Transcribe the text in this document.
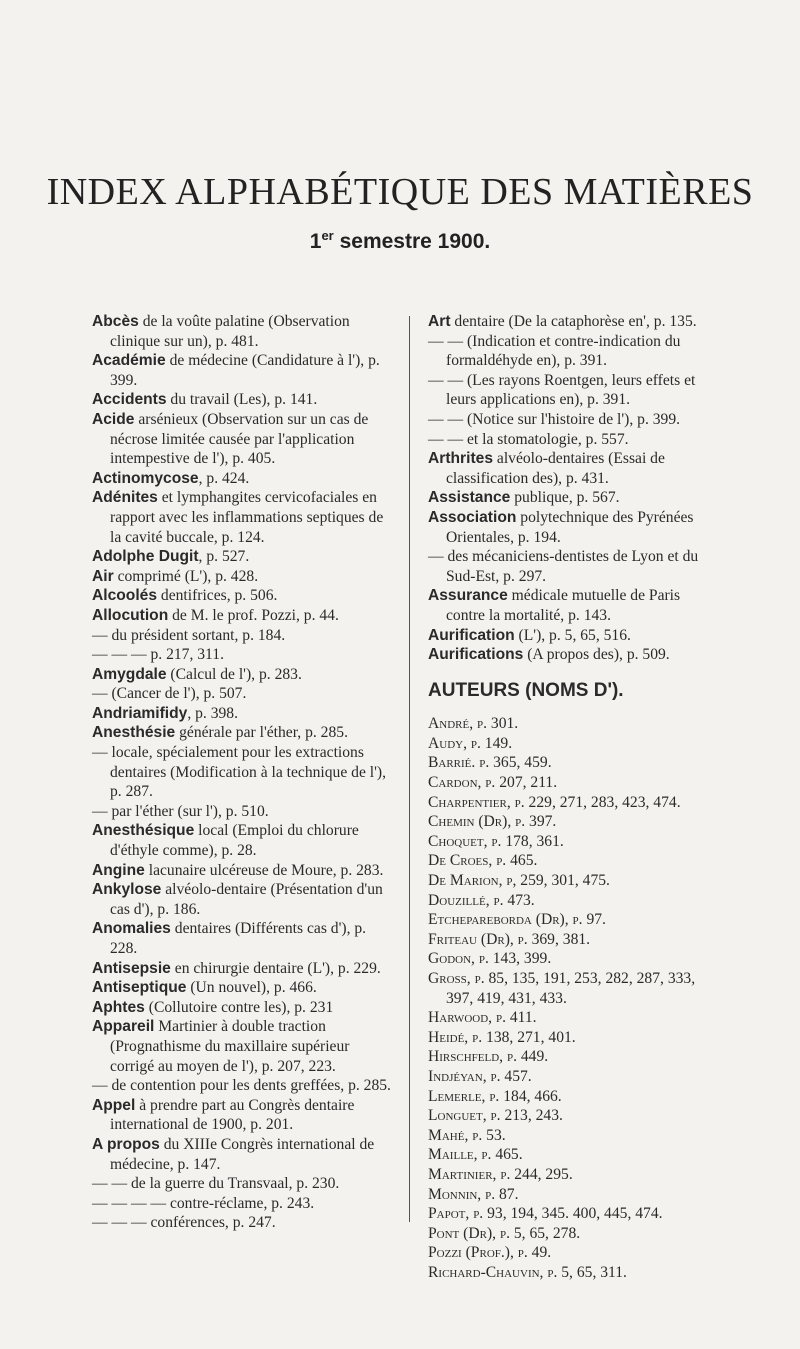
INDEX ALPHABÉTIQUE DES MATIÈRES
1er semestre 1900.
Abcès de la voûte palatine (Observation clinique sur un), p. 481.
Académie de médecine (Candidature à l'), p. 399.
Accidents du travail (Les), p. 141.
Acide arsénieux (Observation sur un cas de nécrose limitée causée par l'application intempestive de l'), p. 405.
Actinomycose, p. 424.
Adénites et lymphangites cervicofaciales en rapport avec les inflammations septiques de la cavité buccale, p. 124.
Adolphe Dugit, p. 527.
Air comprimé (L'), p. 428.
Alcoolés dentifrices, p. 506.
Allocution de M. le prof. Pozzi, p. 44.
— du président sortant, p. 184.
— — — p. 217, 311.
Amygdale (Calcul de l'), p. 283.
— (Cancer de l'), p. 507.
Andriamifidy, p. 398.
Anesthésie générale par l'éther, p. 285.
— locale, spécialement pour les extractions dentaires (Modification à la technique de l'), p. 287.
— par l'éther (sur l'), p. 510.
Anesthésique local (Emploi du chlorure d'éthyle comme), p. 28.
Angine lacunaire ulcéreuse de Moure, p. 283.
Ankylose alvéolo-dentaire (Présentation d'un cas d'), p. 186.
Anomalies dentaires (Différents cas d'), p. 228.
Antisepsie en chirurgie dentaire (L'), p. 229.
Antiseptique (Un nouvel), p. 466.
Aphtes (Collutoire contre les), p. 231
Appareil Martinier à double traction (Prognathisme du maxillaire supérieur corrigé au moyen de l'), p. 207, 223.
— de contention pour les dents greffées, p. 285.
Appel à prendre part au Congrès dentaire international de 1900, p. 201.
A propos du XIIIe Congrès international de médecine, p. 147.
— — de la guerre du Transvaal, p. 230.
— — — — contre-réclame, p. 243.
— — — conférences, p. 247.
Art dentaire (De la cataphorèse en', p. 135.
— — (Indication et contre-indication du formaldéhyde en), p. 391.
— — (Les rayons Roentgen, leurs effets et leurs applications en), p. 391.
— — (Notice sur l'histoire de l'), p. 399.
— — et la stomatologie, p. 557.
Arthrites alvéolo-dentaires (Essai de classification des), p. 431.
Assistance publique, p. 567.
Association polytechnique des Pyrénées Orientales, p. 194.
— des mécaniciens-dentistes de Lyon et du Sud-Est, p. 297.
Assurance médicale mutuelle de Paris contre la mortalité, p. 143.
Aurification (L'), p. 5, 65, 516.
Aurifications (A propos des), p. 509.
AUTEURS (NOMS D').
André, p. 301.
Audy, p. 149.
Barrié. p. 365, 459.
Cardon, p. 207, 211.
Charpentier, p. 229, 271, 283, 423, 474.
Chemin (Dr), p. 397.
Choquet, p. 178, 361.
De Croes, p. 465.
De Marion, p, 259, 301, 475.
Douzillé, p. 473.
Etchepareborda (Dr), p. 97.
Friteau (Dr), p. 369, 381.
Godon, p. 143, 399.
Gross, p. 85, 135, 191, 253, 282, 287, 333, 397, 419, 431, 433.
Harwood, p. 411.
Heidé, p. 138, 271, 401.
Hirschfeld, p. 449.
Indjéyan, p. 457.
Lemerle, p. 184, 466.
Longuet, p. 213, 243.
Mahé, p. 53.
Maille, p. 465.
Martinier, p. 244, 295.
Monnin, p. 87.
Papot, p. 93, 194, 345. 400, 445, 474.
Pont (Dr), p. 5, 65, 278.
Pozzi (Prof.), p. 49.
Richard-Chauvin, p. 5, 65, 311.
